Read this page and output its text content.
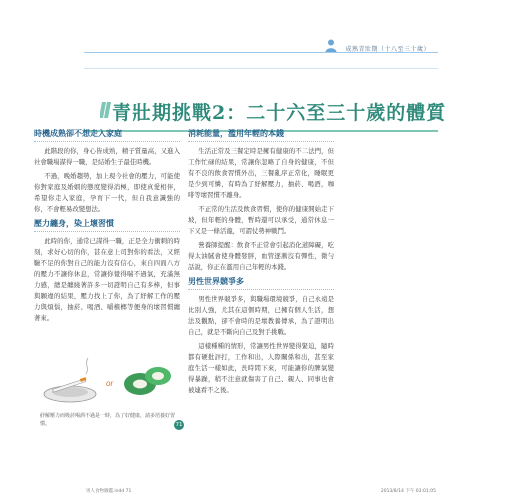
成熟青壯期（十八至三十歲）
青壯期挑戰2：二十六至三十歲的體質
時機成熟卻不想走入家庭

此階段的你，身心皆成熟，精子質量高，又進入社會職場謀得一職，是結婚生子最佳時機。

不過，晚婚趨勢，加上現今社會的壓力，可能使你對家庭及婚姻的態度變得消極，即使真愛相伴，希望你走入家庭，孕育下一代，但自我意識強的你，不會輕易改變想法。

壓力纏身，染上壞習慣

此時的你，通常已謀得一職，正是全力衝刺的時刻，求好心切的你，甚在意上司對你的看法，又經驗不足的你對自己的能力沒有信心，來自四面八方的壓力不讓你休息，常讓你覺得喘不過氣，充滿無力感，總是纏繞著許多一切證明自己有多棒，但事與願違的結果，壓力找上了你，為了紓解工作的壓力與煩惱，抽菸、喝酒、嚼檳榔等便身的壞習慣纏著來。

消耗能量，濫用年輕的本錢

生活正常及三餐定時是擁有健康的不二法門，但工作忙碌的結果，常讓你忽略了自身的健康，不但有不良的飲食習慣外出，三餐亂序正常化，睡眠更是少到可憐，有時為了紓解壓力，抽菸、喝酒，咖啡等壞習慣不離身。

不正常的生活及飲食習慣，使你的健康開始走下坡，但年輕的身體，暫時還可以承受，通常休息一下又是一條活龍，可謂仗勢神戰鬥。

營養師提醒：飲食不正常會引起消化道障礙，吃得太油膩會使身體發胖，血管逐漸沒有彈性，微勻話說，你正在濫用自己年輕的本錢。

男性世界競爭多

男性世界競爭多，與職場環境競爭，自己永遠是比別人強，尤其在這個時期，已擁有個人生活，想法及觀點，卻不會時的是壞教養傳承，為了證明出自己，就是不斷向自己及對手挑戰。

這樣種種的情形，常讓男性世界變得緊迫，隨時都有硬批評打，工作和出，人際關係和出，甚至家庭生活一樣如此，長時間下來，可能讓你的脾氣變得暴躁，稍不注意就傷害了自己、親人、同事也會被連看不之後。

or
紓解壓力而吸菸喝酒不過是一時，為了好健康，請多培養好習慣。	71
男人食物圖鑑.indd 71	2013/8/14 下午 03:01:05
